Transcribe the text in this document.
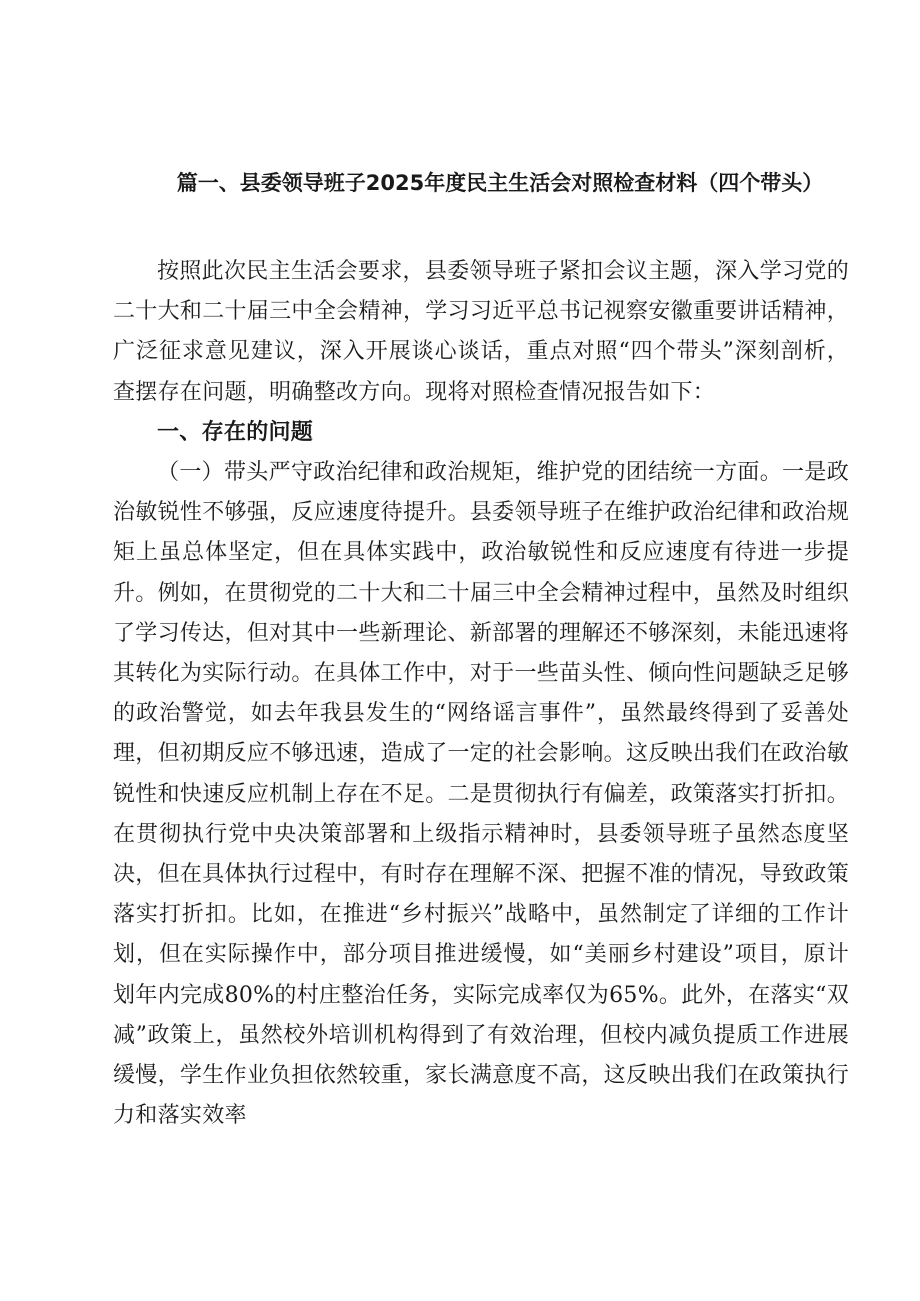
篇一、县委领导班子2025年度民主生活会对照检查材料（四个带头）

按照此次民主生活会要求，县委领导班子紧扣会议主题，深入学习党的二十大和二十届三中全会精神，学习习近平总书记视察安徽重要讲话精神，广泛征求意见建议，深入开展谈心谈话，重点对照“四个带头”深刻剖析，查摆存在问题，明确整改方向。现将对照检查情况报告如下：

一、存在的问题

（一）带头严守政治纪律和政治规矩，维护党的团结统一方面。一是政治敏锐性不够强，反应速度待提升。县委领导班子在维护政治纪律和政治规矩上虽总体坚定，但在具体实践中，政治敏锐性和反应速度有待进一步提升。例如，在贯彻党的二十大和二十届三中全会精神过程中，虽然及时组织了学习传达，但对其中一些新理论、新部署的理解还不够深刻，未能迅速将其转化为实际行动。在具体工作中，对于一些苗头性、倾向性问题缺乏足够的政治警觉，如去年我县发生的“网络谣言事件”，虽然最终得到了妥善处理，但初期反应不够迅速，造成了一定的社会影响。这反映出我们在政治敏锐性和快速反应机制上存在不足。二是贯彻执行有偏差，政策落实打折扣。在贯彻执行党中央决策部署和上级指示精神时，县委领导班子虽然态度坚决，但在具体执行过程中，有时存在理解不深、把握不准的情况，导致政策落实打折扣。比如，在推进“乡村振兴”战略中，虽然制定了详细的工作计划，但在实际操作中，部分项目推进缓慢，如“美丽乡村建设”项目，原计划年内完成80%的村庄整治任务，实际完成率仅为65%。此外，在落实“双减”政策上，虽然校外培训机构得到了有效治理，但校内减负提质工作进展缓慢，学生作业负担依然较重，家长满意度不高，这反映出我们在政策执行力和落实效率
